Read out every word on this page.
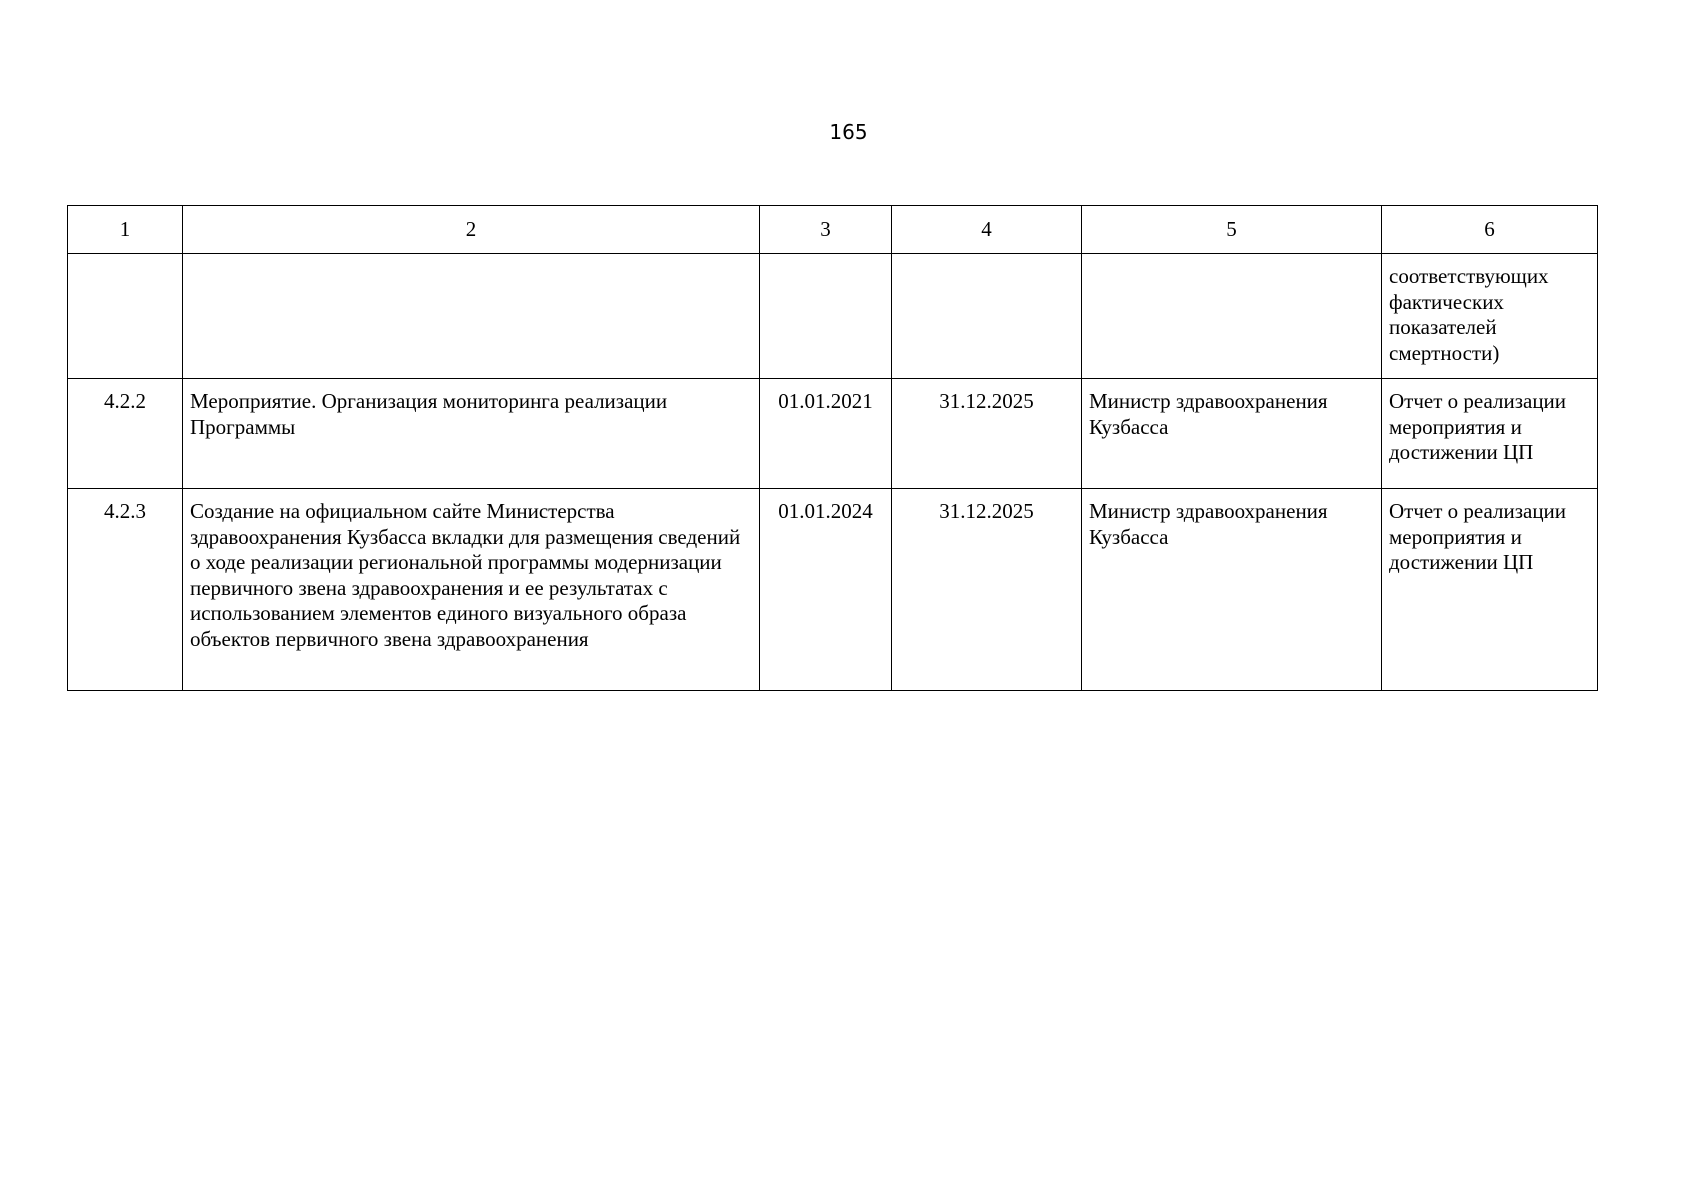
165
1	2	3	4	5	6
					соответствующих фактических показателей смертности)
4.2.2	Мероприятие. Организация мониторинга реализации Программы	01.01.2021	31.12.2025	Министр здравоохранения Кузбасса	Отчет о реализации мероприятия и достижении ЦП
4.2.3	Создание на официальном сайте Министерства здравоохранения Кузбасса вкладки для размещения сведений о ходе реализации региональной программы модернизации первичного звена здравоохранения и ее результатах с использованием элементов единого визуального образа объектов первичного звена здравоохранения	01.01.2024	31.12.2025	Министр здравоохранения Кузбасса	Отчет о реализации мероприятия и достижении ЦП
